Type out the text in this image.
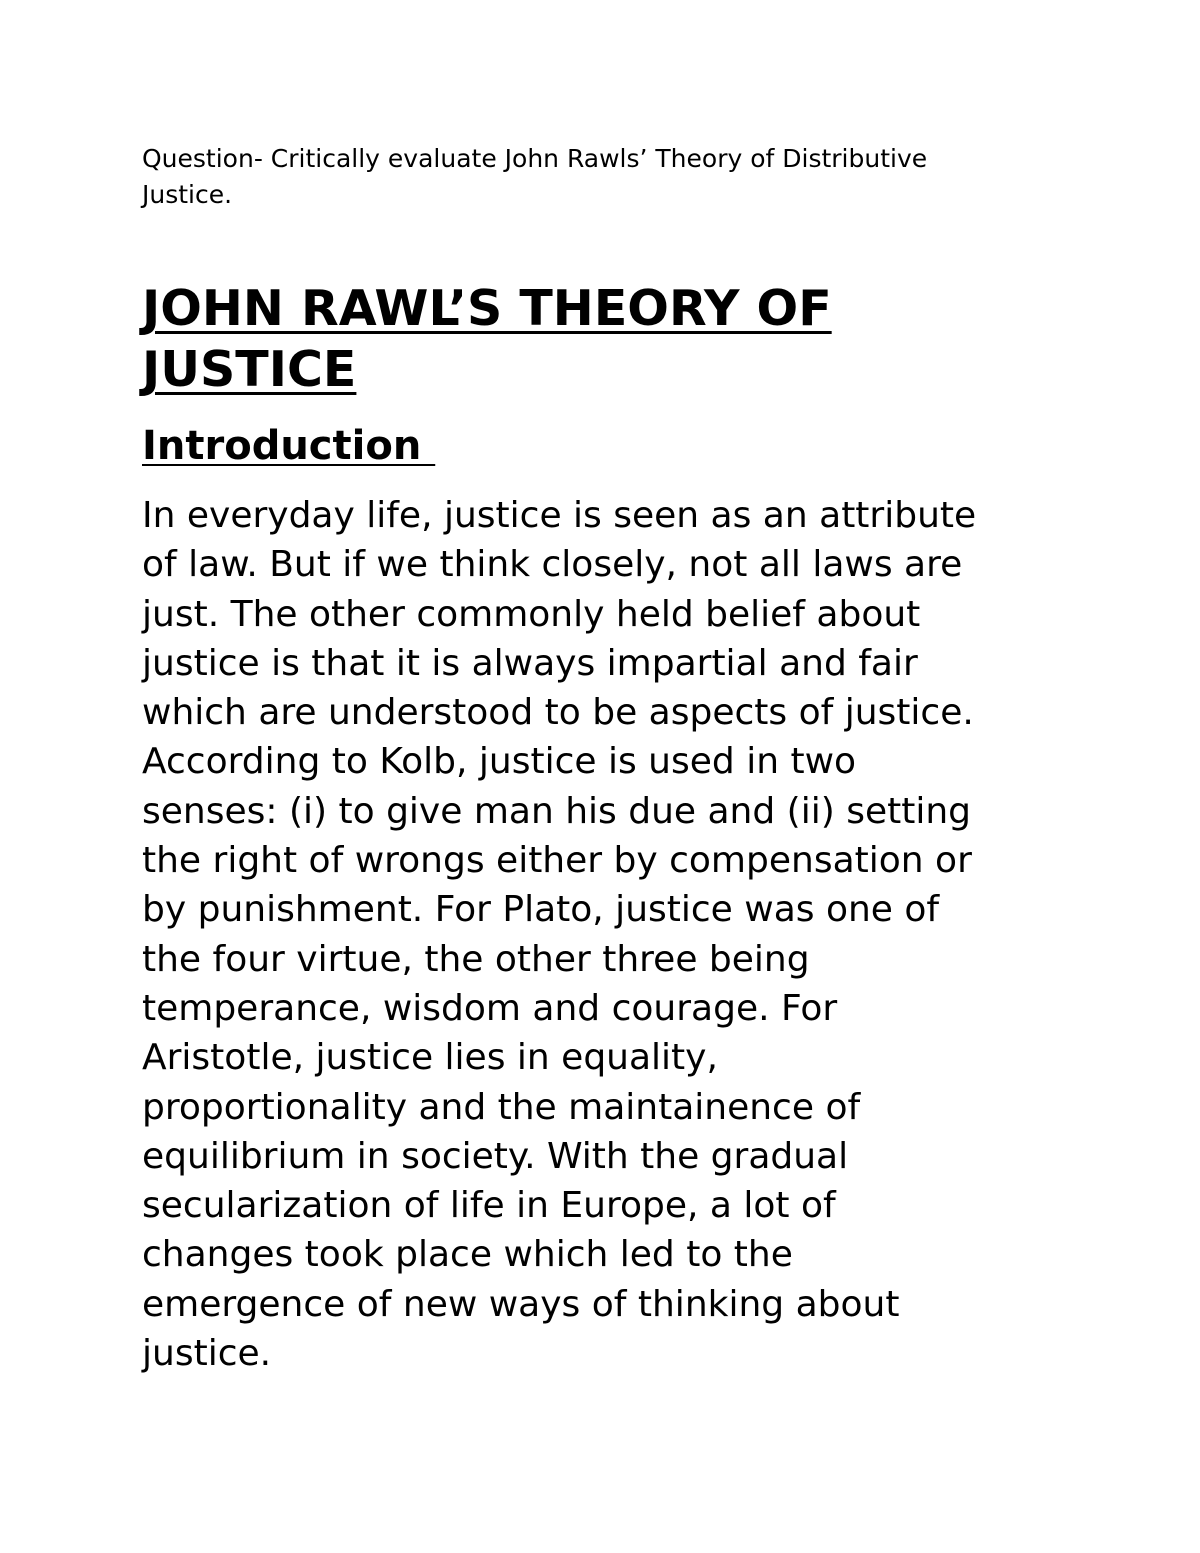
Question- Critically evaluate John Rawls’ Theory of Distributive
Justice.

JOHN RAWL’S THEORY OF
JUSTICE
Introduction

In everyday life, justice is seen as an attribute
of law. But if we think closely, not all laws are
just. The other commonly held belief about
justice is that it is always impartial and fair
which are understood to be aspects of justice.
According to Kolb, justice is used in two
senses: (i) to give man his due and (ii) setting
the right of wrongs either by compensation or
by punishment. For Plato, justice was one of
the four virtue, the other three being
temperance, wisdom and courage. For
Aristotle, justice lies in equality,
proportionality and the maintainence of
equilibrium in society. With the gradual
secularization of life in Europe, a lot of
changes took place which led to the
emergence of new ways of thinking about
justice.
